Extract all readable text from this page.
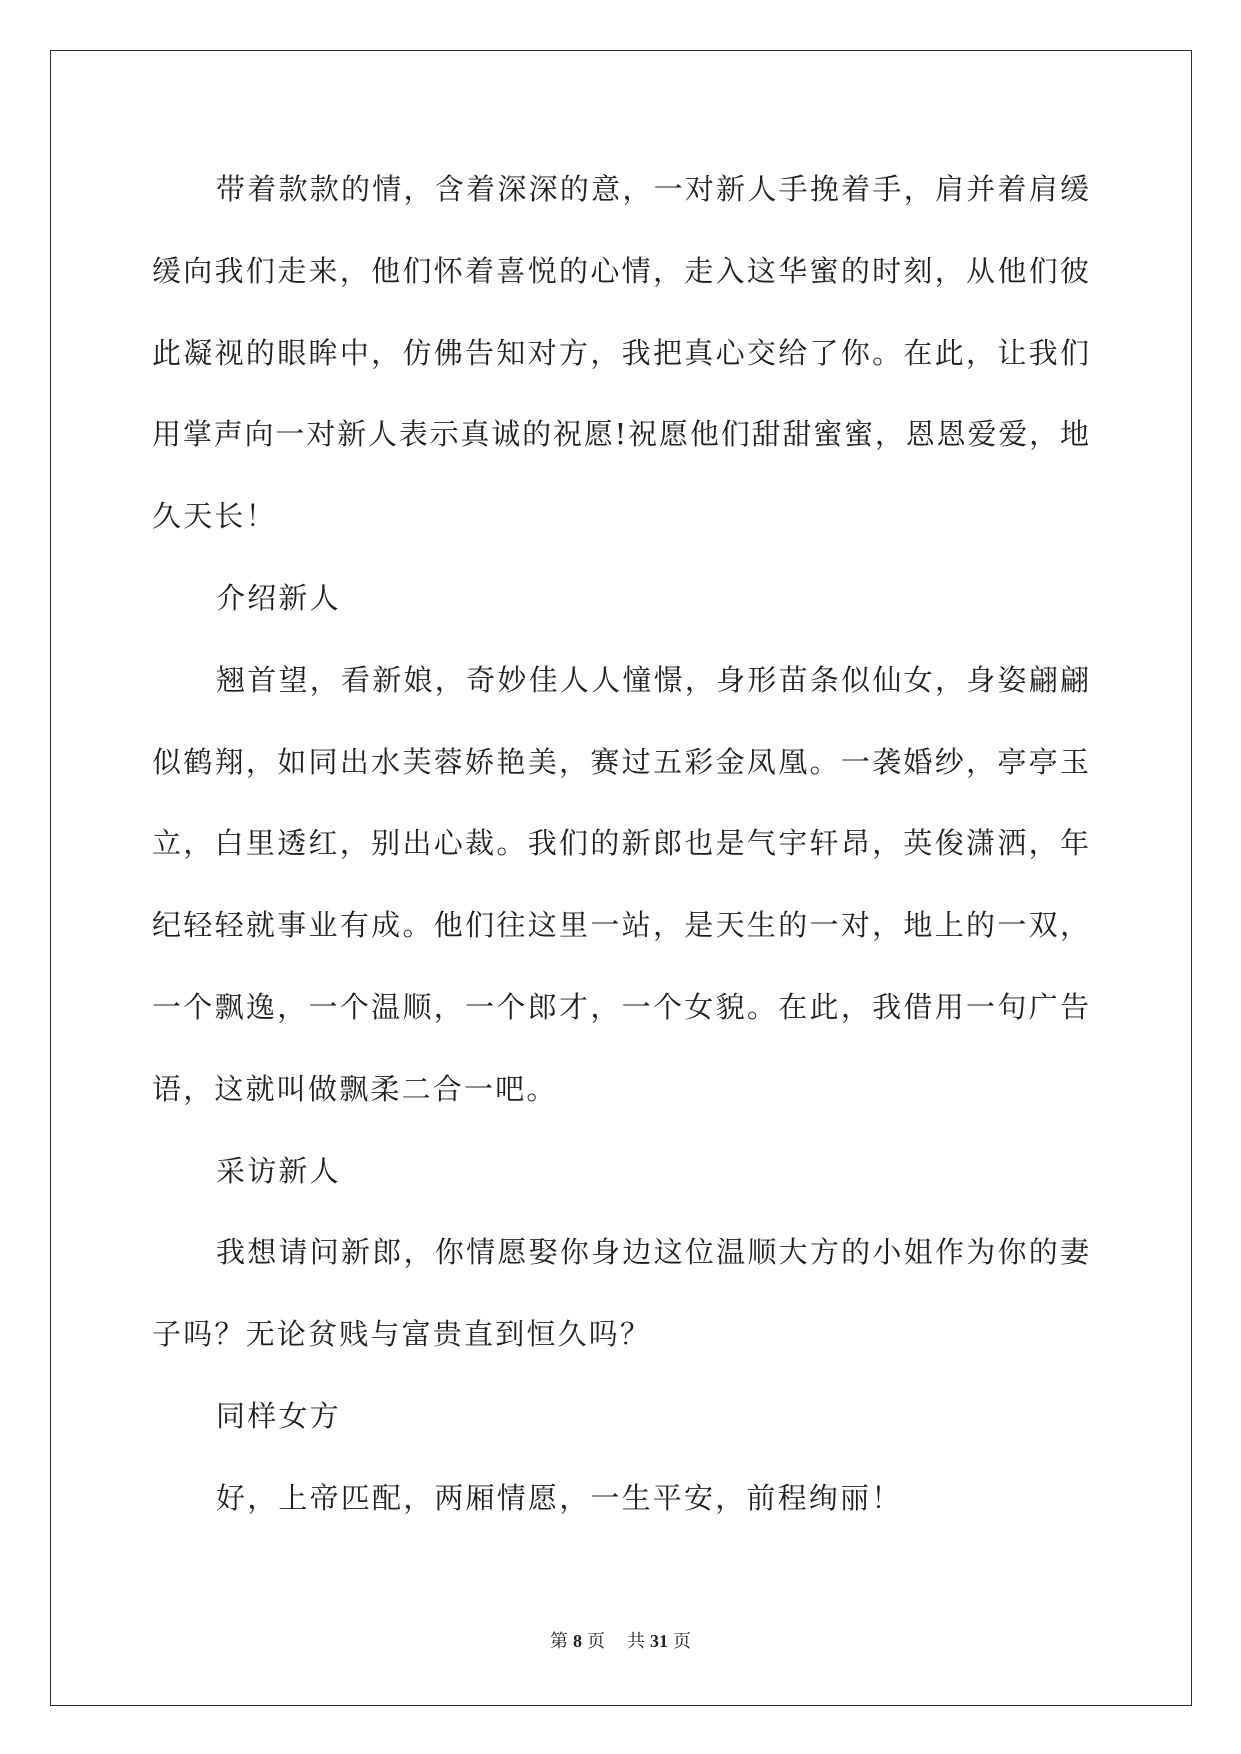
带着款款的情，含着深深的意，一对新人手挽着手，肩并着肩缓
缓向我们走来，他们怀着喜悦的心情，走入这华蜜的时刻，从他们彼
此凝视的眼眸中，仿佛告知对方，我把真心交给了你。在此，让我们
用掌声向一对新人表示真诚的祝愿!祝愿他们甜甜蜜蜜，恩恩爱爱，地
久天长！
介绍新人
翘首望，看新娘，奇妙佳人人憧憬，身形苗条似仙女，身姿翩翩
似鹤翔，如同出水芙蓉娇艳美，赛过五彩金凤凰。一袭婚纱，亭亭玉
立，白里透红，别出心裁。我们的新郎也是气宇轩昂，英俊潇洒，年
纪轻轻就事业有成。他们往这里一站，是天生的一对，地上的一双，
一个飘逸，一个温顺，一个郎才，一个女貌。在此，我借用一句广告
语，这就叫做飘柔二合一吧。
采访新人
我想请问新郎，你情愿娶你身边这位温顺大方的小姐作为你的妻
子吗？无论贫贱与富贵直到恒久吗？
同样女方
好，上帝匹配，两厢情愿，一生平安，前程绚丽！
第 8 页 共 31 页
